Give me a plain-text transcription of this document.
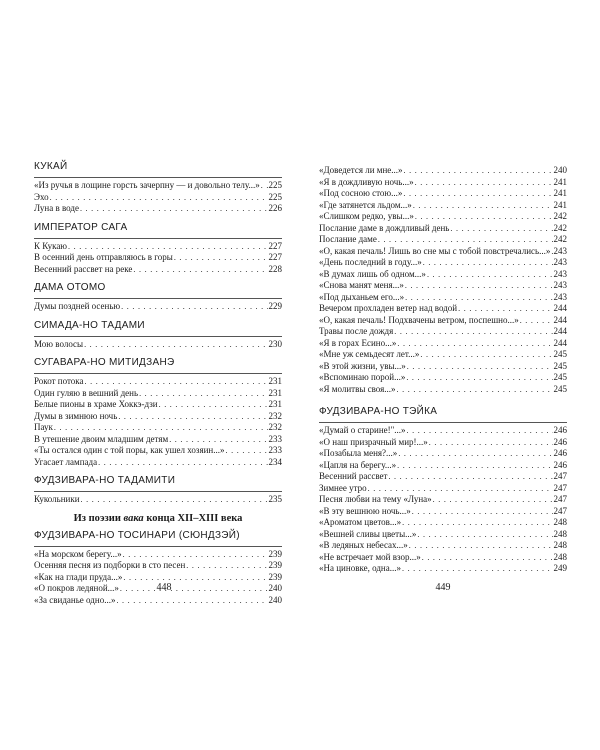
КУКАЙ
«Из ручья в лощине горсть зачерпну — и довольно телу...» . . . 225
Эхо . . .	225
Луна в воде . . .	226
ИМПЕРАТОР САГА
К Кукаю . . .	227
В осенний день отправляюсь в горы . . .	227
Весенний рассвет на реке . . .	228
ДАМА ОТОМО
Думы поздней осенью . . .	229
СИМАДА-НО ТАДАМИ
Мою волосы . . .	230
СУГАВАРА-НО МИТИДЗАНЭ
Рокот потока . . .	231
Один гуляю в вешний день . . .	231
Белые пионы в храме Хоккэ-дзи . . .	231
Думы в зимнюю ночь . . .	232
Паук . . .	232
В утешение двоим младшим детям . . .	233
«Ты остался один с той поры, как ушел хозяин...» . . .	233
Угасает лампада . . .	234
ФУДЗИВАРА-НО ТАДАМИТИ
Кукольники . . .	235
Из поэзии вака конца XII–XIII века
ФУДЗИВАРА-НО ТОСИНАРИ (СЮНДЗЭЙ)
«На морском берегу...» . . .	239
Осенняя песня из подборки в сто песен . . .	239
«Как на глади пруда...» . . .	239
«О покров ледяной...» . . .	240
«За свиданье одно...» . . .	240
448
«Доведется ли мне...» . . .	240
«Я в дождливую ночь...» . . .	241
«Под сосною стою...» . . .	241
«Где затянется льдом...» . . .	241
«Слишком редко, увы...» . . .	242
Послание даме в дождливый день . . .	242
Послание даме . . .	242
«О, какая печаль! Лишь во сне мы с тобой повстречались...» . . . 243
«День последний в году...» . . .	243
«В думах лишь об одном...» . . .	243
«Снова манят меня...» . . .	243
«Под дыханьем его...» . . .	243
Вечером прохладен ветер над водой . . .	244
«О, какая печаль! Подхвачены ветром, поспешно...» . . .	244
Травы после дождя . . .	244
«Я в горах Есино...» . . .	244
«Мне уж семьдесят лет...» . . .	245
«В этой жизни, увы...» . . .	245
«Вспоминаю порой...» . . .	245
«Я молитвы своя...» . . .	245
ФУДЗИВАРА-НО ТЭЙКА
«Думай о старине!"...» . . .	246
«О наш призрачный мир!...» . . .	246
«Позабыла меня?...» . . .	246
«Цапля на берегу...» . . .	246
Весенний рассвет . . .	247
Зимнее утро . . .	247
Песня любви на тему «Луна» . . .	247
«В эту вешнюю ночь...» . . .	247
«Ароматом цветов...» . . .	248
«Вешней сливы цветы...» . . .	248
«В ледяных небесах...» . . .	248
«Не встречает мой взор...» . . .	248
«На циновке, одна...» . . .	249
449
